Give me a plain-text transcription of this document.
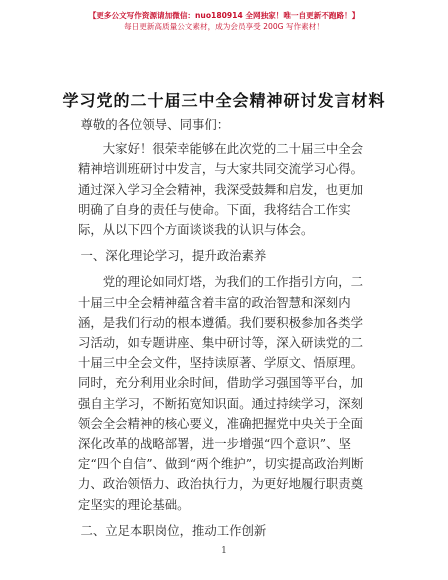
【更多公文写作资源请加微信：nuo180914 全网独家！唯一自更新不跑路！】
每日更新高质量公文素材，成为会员享受 200G 写作素材！
学习党的二十届三中全会精神研讨发言材料

尊敬的各位领导、同事们：

大家好！很荣幸能够在此次党的二十届三中全会精神培训班研讨中发言，与大家共同交流学习心得。通过深入学习全会精神，我深受鼓舞和启发，也更加明确了自身的责任与使命。下面，我将结合工作实际，从以下四个方面谈谈我的认识与体会。

一、深化理论学习，提升政治素养

党的理论如同灯塔，为我们的工作指引方向，二十届三中全会精神蕴含着丰富的政治智慧和深刻内涵，是我们行动的根本遵循。我们要积极参加各类学习活动，如专题讲座、集中研讨等，深入研读党的二十届三中全会文件，坚持读原著、学原文、悟原理。同时，充分利用业余时间，借助学习强国等平台，加强自主学习，不断拓宽知识面。通过持续学习，深刻领会全会精神的核心要义，准确把握党中央关于全面深化改革的战略部署，进一步增强“四个意识”、坚定“四个自信”、做到“两个维护”，切实提高政治判断力、政治领悟力、政治执行力，为更好地履行职责奠定坚实的理论基础。

二、立足本职岗位，推动工作创新

1
